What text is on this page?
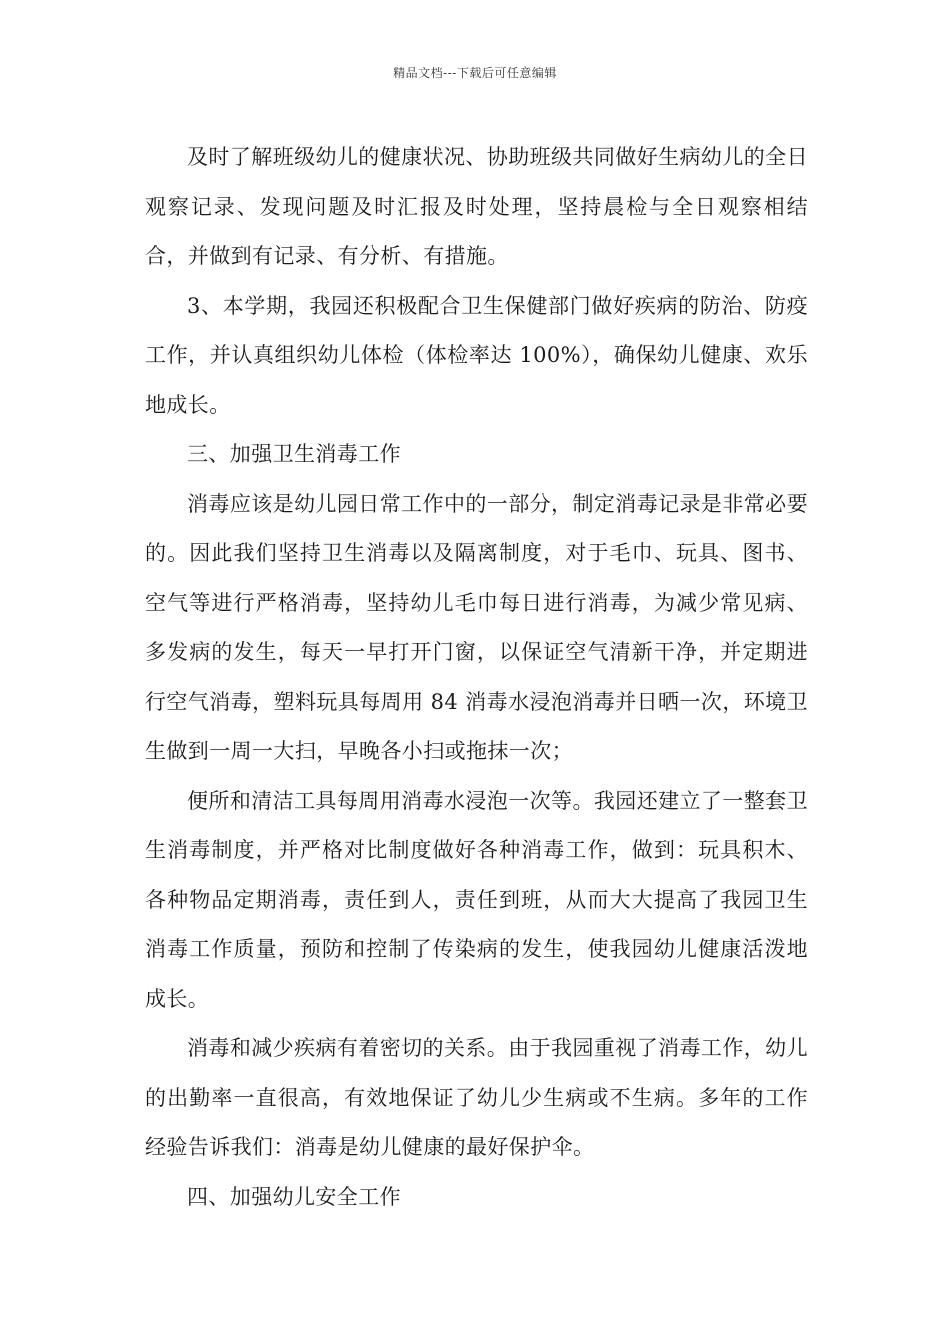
精品文档---下载后可任意编辑

及时了解班级幼儿的健康状况、协助班级共同做好生病幼儿的全日观察记录、发现问题及时汇报及时处理，坚持晨检与全日观察相结合，并做到有记录、有分析、有措施。

3、本学期，我园还积极配合卫生保健部门做好疾病的防治、防疫工作，并认真组织幼儿体检（体检率达 100%），确保幼儿健康、欢乐地成长。

三、加强卫生消毒工作

消毒应该是幼儿园日常工作中的一部分，制定消毒记录是非常必要的。因此我们坚持卫生消毒以及隔离制度，对于毛巾、玩具、图书、空气等进行严格消毒，坚持幼儿毛巾每日进行消毒，为减少常见病、多发病的发生，每天一早打开门窗，以保证空气清新干净，并定期进行空气消毒，塑料玩具每周用 84 消毒水浸泡消毒并日晒一次，环境卫生做到一周一大扫，早晚各小扫或拖抹一次；

便所和清洁工具每周用消毒水浸泡一次等。我园还建立了一整套卫生消毒制度，并严格对比制度做好各种消毒工作，做到：玩具积木、各种物品定期消毒，责任到人，责任到班，从而大大提高了我园卫生消毒工作质量，预防和控制了传染病的发生，使我园幼儿健康活泼地成长。

消毒和减少疾病有着密切的关系。由于我园重视了消毒工作，幼儿的出勤率一直很高，有效地保证了幼儿少生病或不生病。多年的工作经验告诉我们：消毒是幼儿健康的最好保护伞。

四、加强幼儿安全工作
